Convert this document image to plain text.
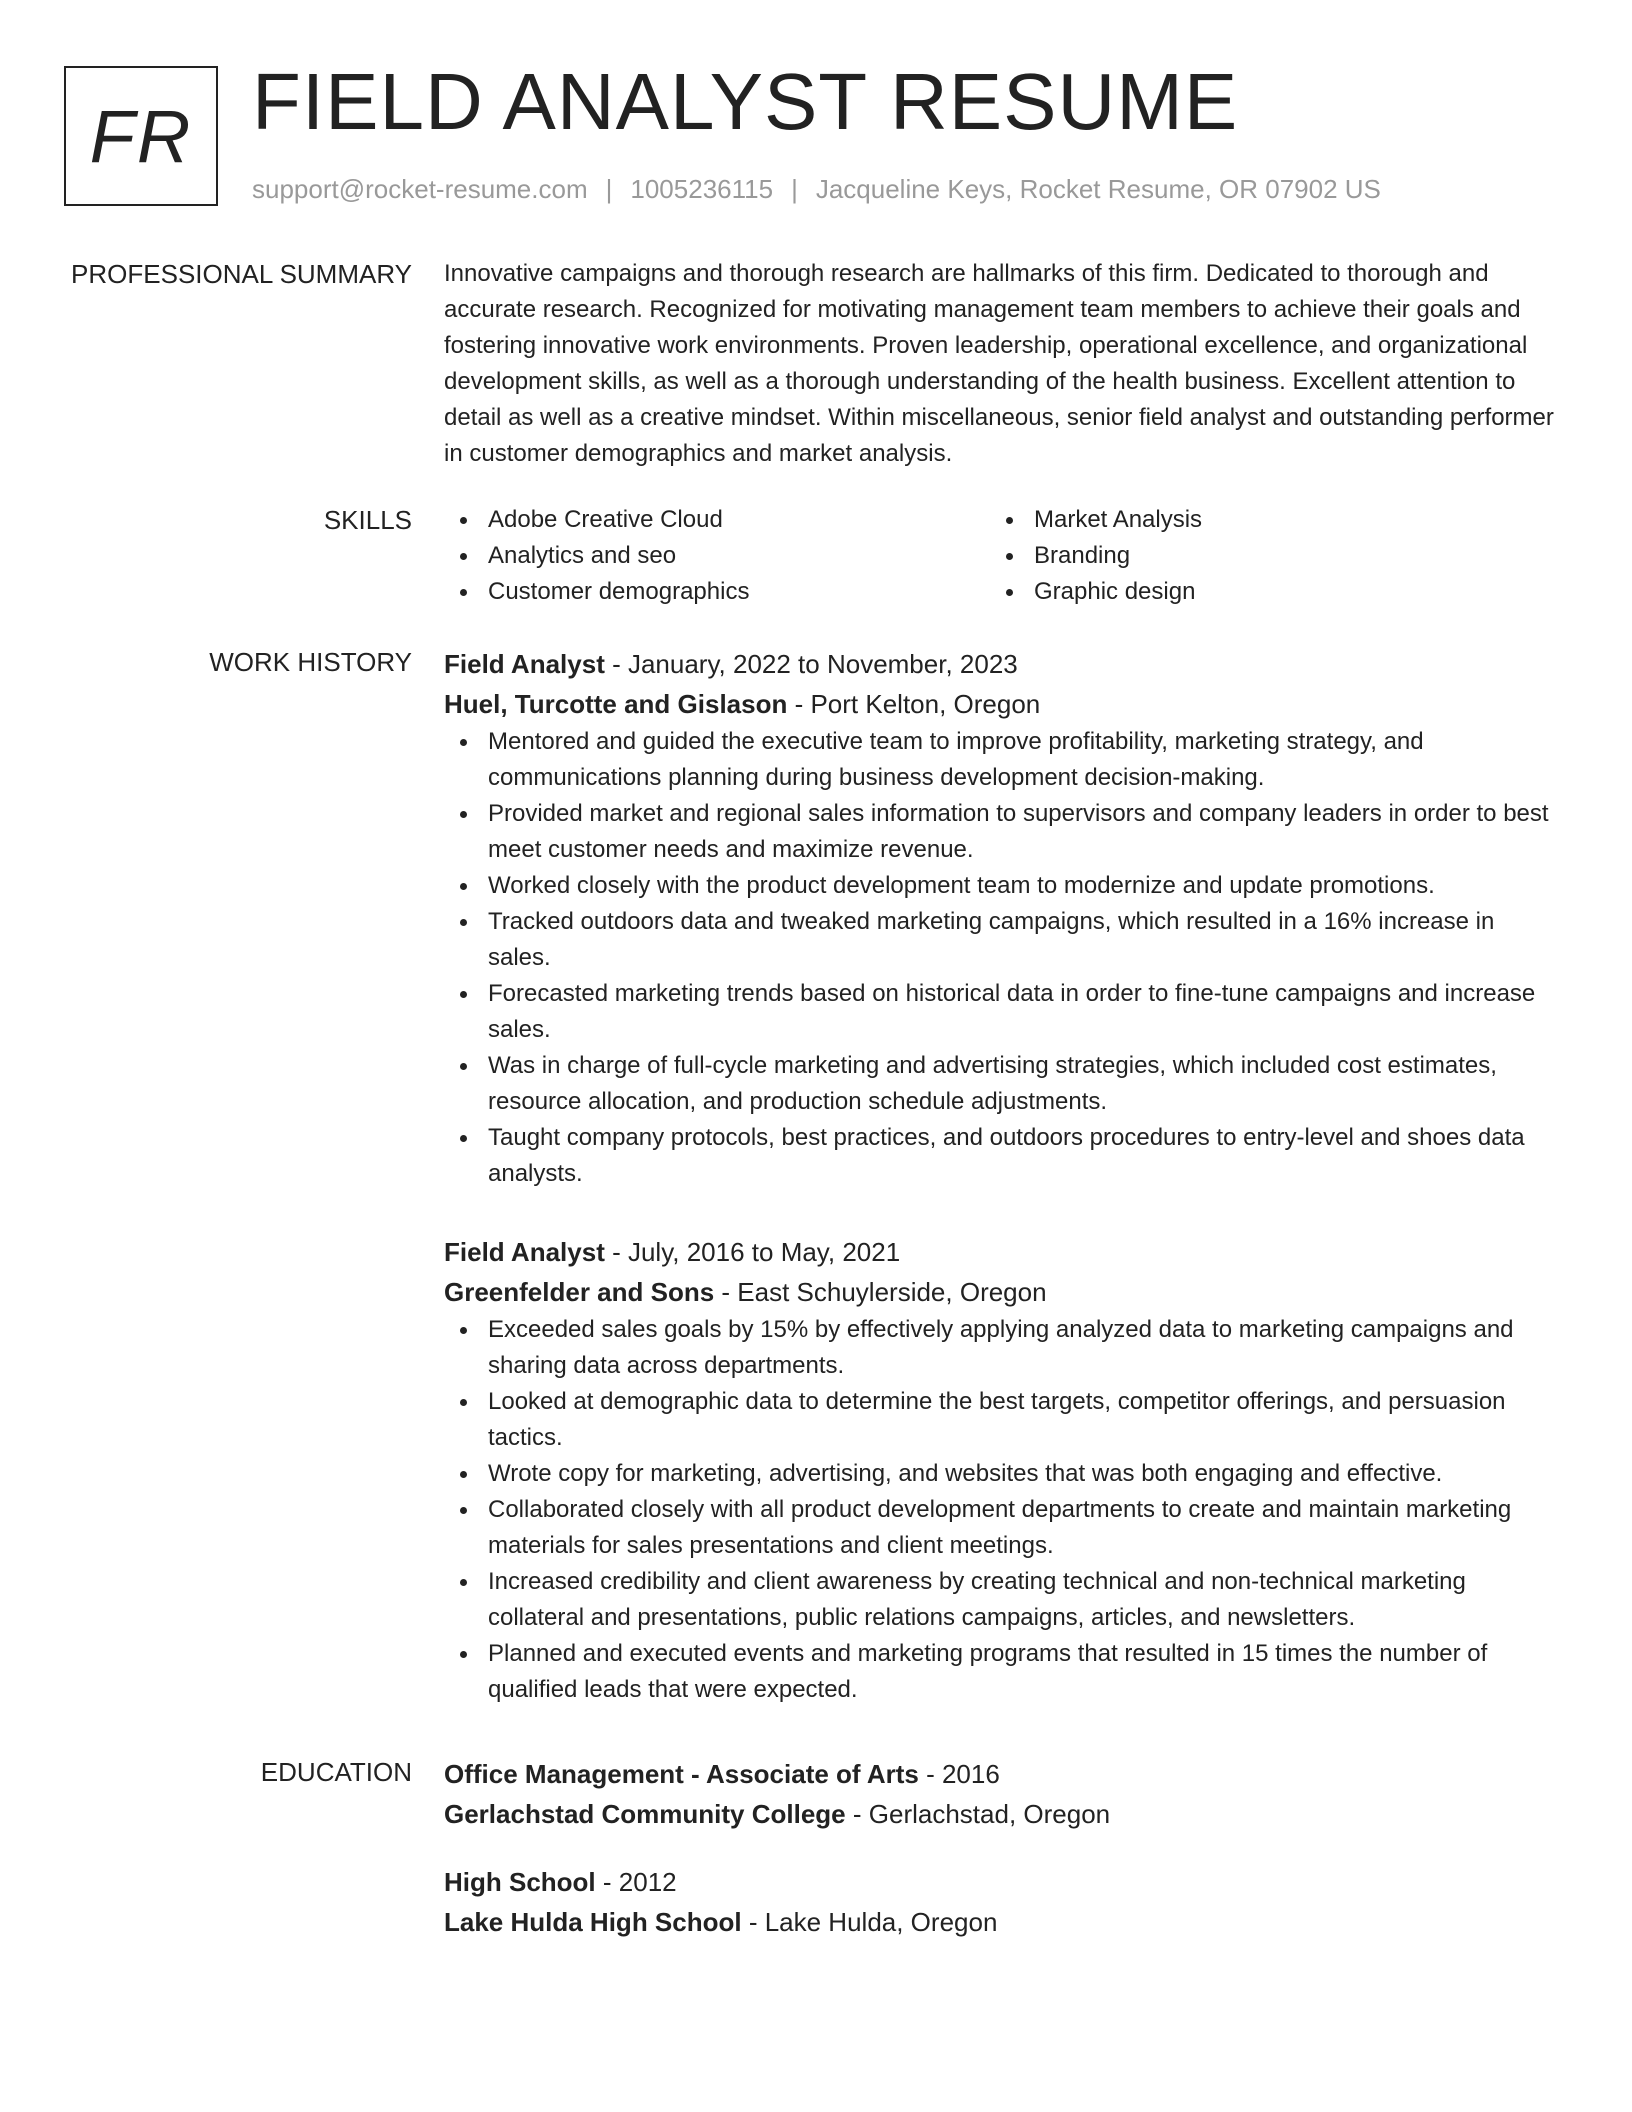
FR FIELD ANALYST RESUME
support@rocket-resume.com | 1005236115 | Jacqueline Keys, Rocket Resume, OR 07902 US
PROFESSIONAL SUMMARY Innovative campaigns and thorough research are hallmarks of this firm. Dedicated to thorough and accurate research. Recognized for motivating management team members to achieve their goals and fostering innovative work environments. Proven leadership, operational excellence, and organizational development skills, as well as a thorough understanding of the health business. Excellent attention to detail as well as a creative mindset. Within miscellaneous, senior field analyst and outstanding performer in customer demographics and market analysis.

SKILLS	Adobe Creative Cloud
Analytics and seo
Customer demographics
Market Analysis
Branding
Graphic design
WORK HISTORY Field Analyst - January, 2022 to November, 2023
Huel, Turcotte and Gislason - Port Kelton, Oregon
Mentored and guided the executive team to improve profitability, marketing strategy, and communications planning during business development decision-making.
Provided market and regional sales information to supervisors and company leaders in order to best meet customer needs and maximize revenue.
Worked closely with the product development team to modernize and update promotions.
Tracked outdoors data and tweaked marketing campaigns, which resulted in a 16% increase in sales.
Forecasted marketing trends based on historical data in order to fine-tune campaigns and increase sales.
Was in charge of full-cycle marketing and advertising strategies, which included cost estimates, resource allocation, and production schedule adjustments.
Taught company protocols, best practices, and outdoors procedures to entry-level and shoes data analysts.
Field Analyst - July, 2016 to May, 2021
Greenfelder and Sons - East Schuylerside, Oregon
Exceeded sales goals by 15% by effectively applying analyzed data to marketing campaigns and sharing data across departments.
Looked at demographic data to determine the best targets, competitor offerings, and persuasion tactics.
Wrote copy for marketing, advertising, and websites that was both engaging and effective.
Collaborated closely with all product development departments to create and maintain marketing materials for sales presentations and client meetings.
Increased credibility and client awareness by creating technical and non-technical marketing collateral and presentations, public relations campaigns, articles, and newsletters.
Planned and executed events and marketing programs that resulted in 15 times the number of qualified leads that were expected.
EDUCATION Office Management - Associate of Arts - 2016
Gerlachstad Community College - Gerlachstad, Oregon
High School - 2012
Lake Hulda High School - Lake Hulda, Oregon
